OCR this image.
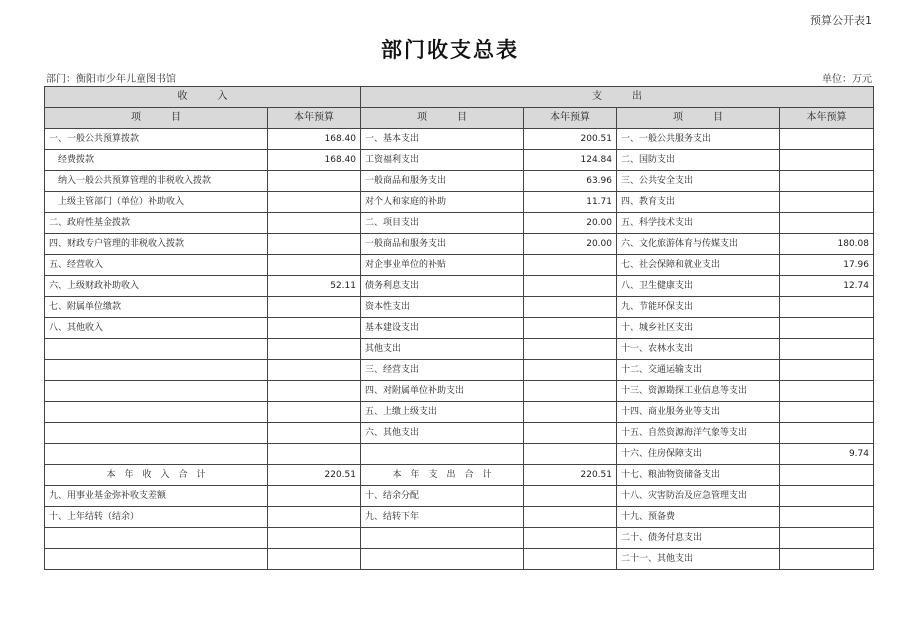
预算公开表1
部门收支总表
部门：衡阳市少年儿童图书馆	单位：万元
收　　　入		支　　　出			
项　　　目	本年预算	项　　　目	本年预算	项　　　目	本年预算
一、一般公共预算拨款	168.40	一、基本支出	200.51	一、一般公共服务支出	
　经费拨款	168.40	工资福利支出	124.84	二、国防支出	
　纳入一般公共预算管理的非税收入拨款		一般商品和服务支出	63.96	三、公共安全支出	
　上级主管部门（单位）补助收入		对个人和家庭的补助	11.71	四、教育支出	
二、政府性基金拨款		二、项目支出	20.00	五、科学技术支出	
四、财政专户管理的非税收入拨款		一般商品和服务支出	20.00	六、文化旅游体育与传媒支出	180.08
五、经营收入		对企事业单位的补贴		七、社会保障和就业支出	17.96
六、上级财政补助收入	52.11	债务利息支出		八、卫生健康支出	12.74
七、附属单位缴款		资本性支出		九、节能环保支出	
八、其他收入		基本建设支出		十、城乡社区支出	
		其他支出		十一、农林水支出	
		三、经营支出		十二、交通运输支出	
		四、对附属单位补助支出		十三、资源勘探工业信息等支出	
		五、上缴上级支出		十四、商业服务业等支出	
		六、其他支出		十五、自然资源海洋气象等支出	
				十六、住房保障支出	9.74
本　年　收　入　合　计	220.51	本　年　支　出　合　计	220.51	十七、粮油物资储备支出	
九、用事业基金弥补收支差额		十、结余分配		十八、灾害防治及应急管理支出	
十、上年结转（结余）		九、结转下年		十九、预备费	
				二十、债务付息支出	
				二十一、其他支出	
